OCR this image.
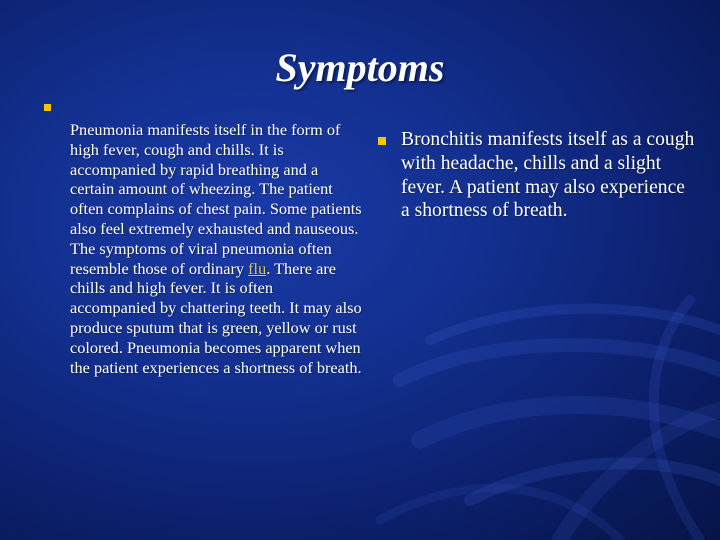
Symptoms

Pneumonia manifests itself in the form of high fever, cough and chills. It is accompanied by rapid breathing and a certain amount of wheezing. The patient often complains of chest pain. Some patients also feel extremely exhausted and nauseous. The symptoms of viral pneumonia often resemble those of ordinary flu. There are chills and high fever. It is often accompanied by chattering teeth. It may also produce sputum that is green, yellow or rust colored. Pneumonia becomes apparent when the patient experiences a shortness of breath.

Bronchitis manifests itself as a cough with headache, chills and a slight fever. A patient may also experience a shortness of breath.
